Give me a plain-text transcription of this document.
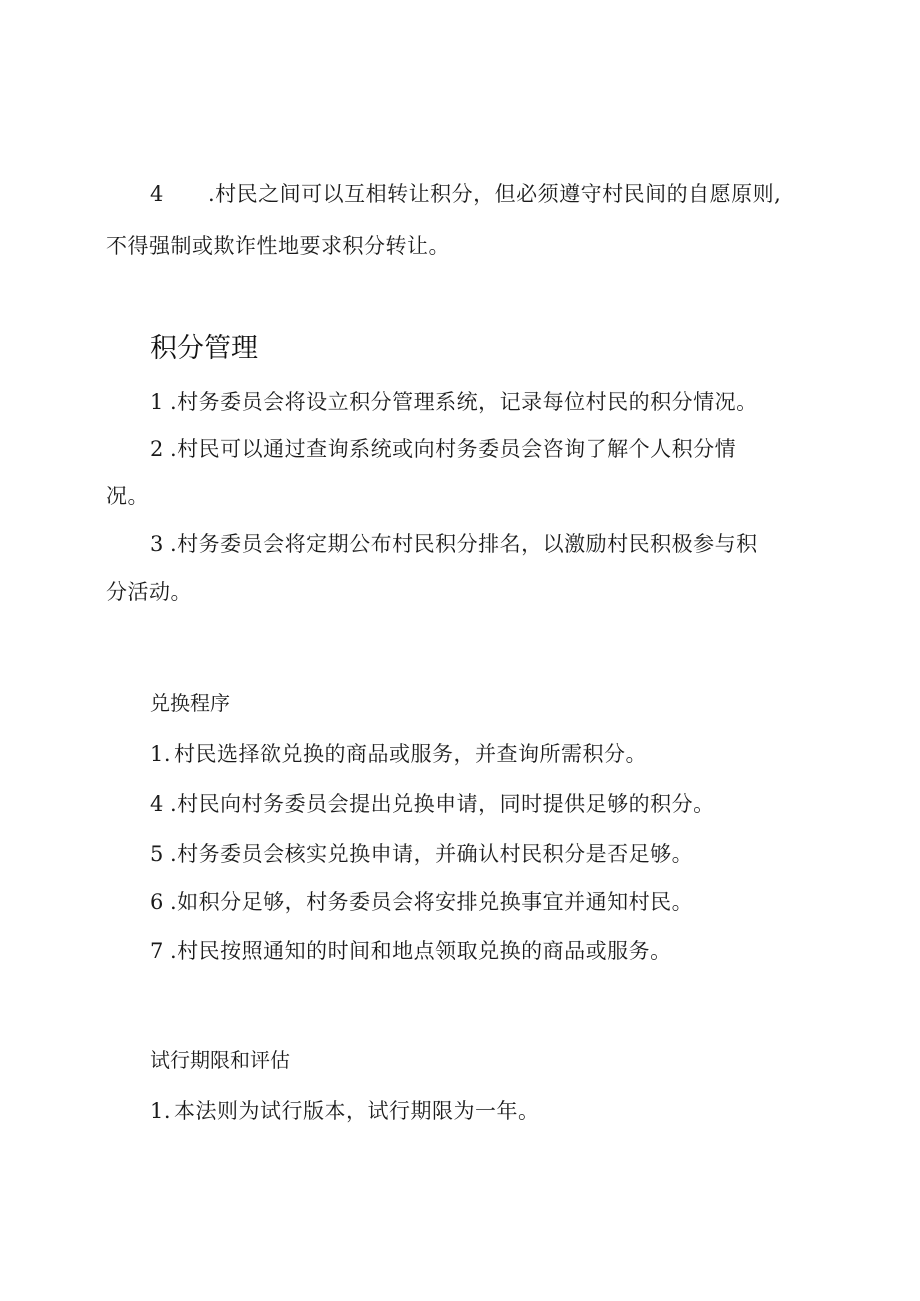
4 .村民之间可以互相转让积分，但必须遵守村民间的自愿原则,
不得强制或欺诈性地要求积分转让。
积分管理
1 .村务委员会将设立积分管理系统，记录每位村民的积分情况。
2 .村民可以通过查询系统或向村务委员会咨询了解个人积分情
况。
3 .村务委员会将定期公布村民积分排名，以激励村民积极参与积
分活动。
兑换程序
1. 村民选择欲兑换的商品或服务，并查询所需积分。
4 .村民向村务委员会提出兑换申请，同时提供足够的积分。
5 .村务委员会核实兑换申请，并确认村民积分是否足够。
6 .如积分足够，村务委员会将安排兑换事宜并通知村民。
7 .村民按照通知的时间和地点领取兑换的商品或服务。
试行期限和评估
1. 本法则为试行版本，试行期限为一年。
